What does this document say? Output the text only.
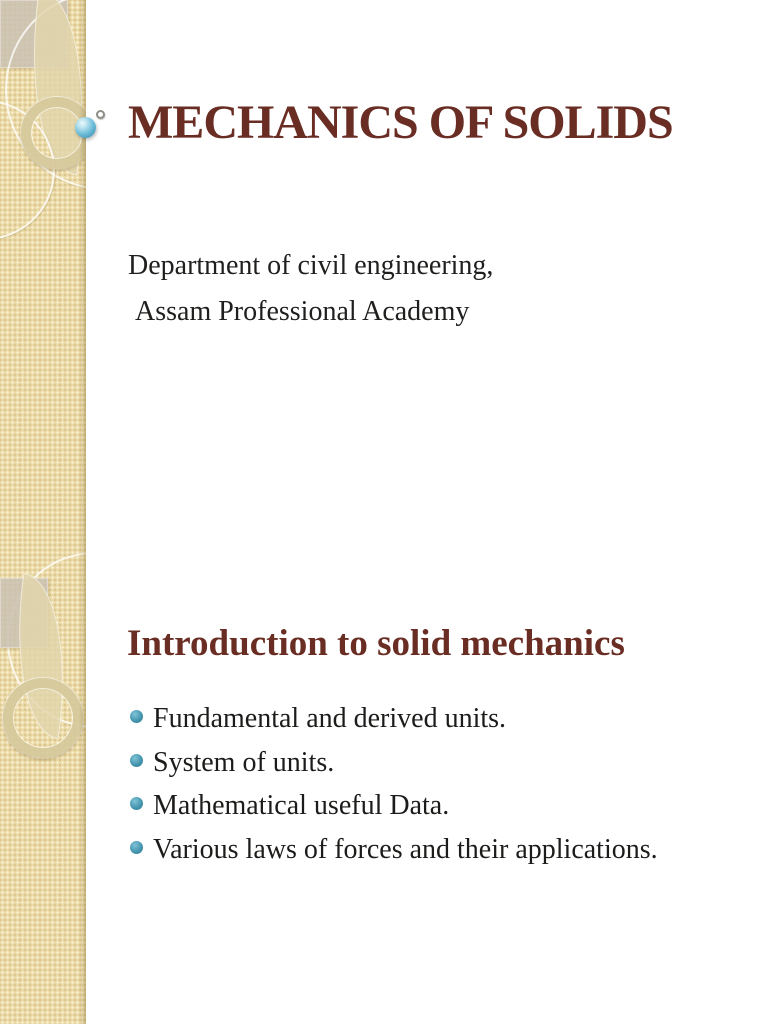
MECHANICS OF SOLIDS

Department of civil engineering,
Assam Professional Academy

Introduction to solid mechanics
Fundamental and derived units.
System of units.
Mathematical useful Data.
Various laws of forces and their applications.
